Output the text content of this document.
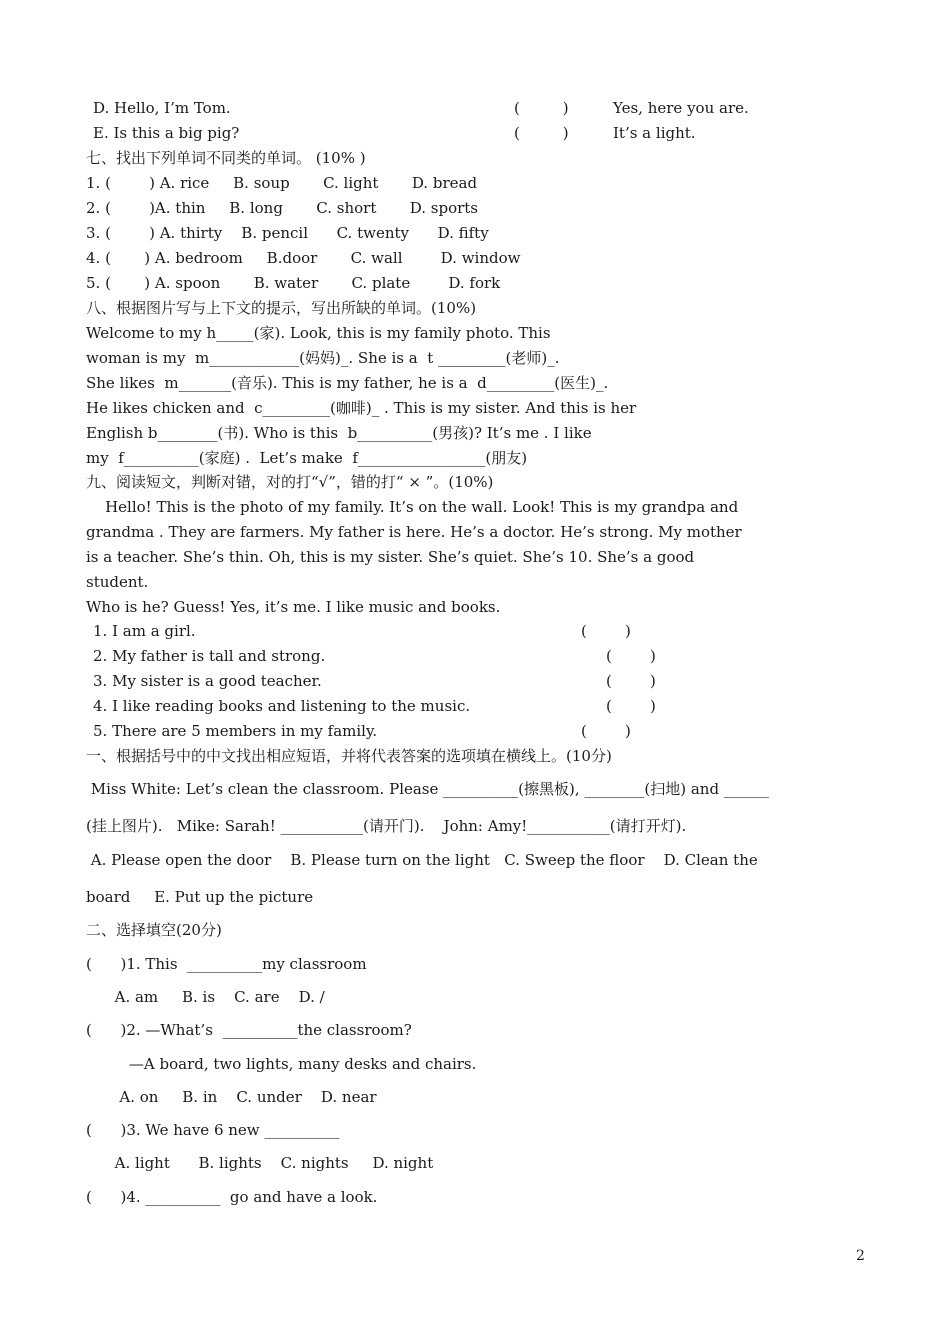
D. Hello, I’m Tom.	(         )	Yes, here you are.
E. Is this a big pig?	(         )	It’s a light.
七、找出下列单词不同类的单词。 (10% )
1. (        ) A. rice     B. soup       C. light       D. bread
2. (        )A. thin     B. long       C. short       D. sports
3. (        ) A. thirty    B. pencil      C. twenty      D. fifty
4. (       ) A. bedroom     B.door       C. wall        D. window
5. (       ) A. spoon       B. water       C. plate        D. fork
八、根据图片写与上下文的提示，写出所缺的单词。(10%)
Welcome to my h_____(家). Look, this is my family photo. This
woman is my  m____________(妈妈)_. She is a  t _________(老师)_.
She likes  m_______(音乐). This is my father, he is a  d_________(医生)_.
He likes chicken and  c_________(咖啡)_ . This is my sister. And this is her
English b________(书). Who is this  b__________(男孩)? It’s me . I like
my  f__________(家庭) .  Let’s make  f_________________(朋友)
九、阅读短文，判断对错，对的打“√”，错的打“ × ”。(10%)
Hello! This is the photo of my family. It’s on the wall. Look! This is my grandpa and
grandma . They are farmers. My father is here. He’s a doctor. He’s strong. My mother
is a teacher. She’s thin. Oh, this is my sister. She’s quiet. She’s 10. She’s a good
student.
Who is he? Guess! Yes, it’s me. I like music and books.
1. I am a girl.	(        )
2. My father is tall and strong.	(        )
3. My sister is a good teacher.	(        )
4. I like reading books and listening to the music.	(        )
5. There are 5 members in my family.	(        )
一、根据括号中的中文找出相应短语，并将代表答案的选项填在横线上。(10分)
Miss White: Let’s clean the classroom. Please __________(擦黑板), ________(扫地) and ______
(挂上图片).   Mike: Sarah! ___________(请开门).    John: Amy!___________(请打开灯).
A. Please open the door    B. Please turn on the light   C. Sweep the floor    D. Clean the
board     E. Put up the picture
二、选择填空(20分)
(      )1. This  __________my classroom
A. am     B. is    C. are    D. /
(      )2. —What’s  __________the classroom?
—A board, two lights, many desks and chairs.
A. on     B. in    C. under    D. near
(      )3. We have 6 new __________
A. light      B. lights    C. nights     D. night
(      )4. __________  go and have a look.
2
